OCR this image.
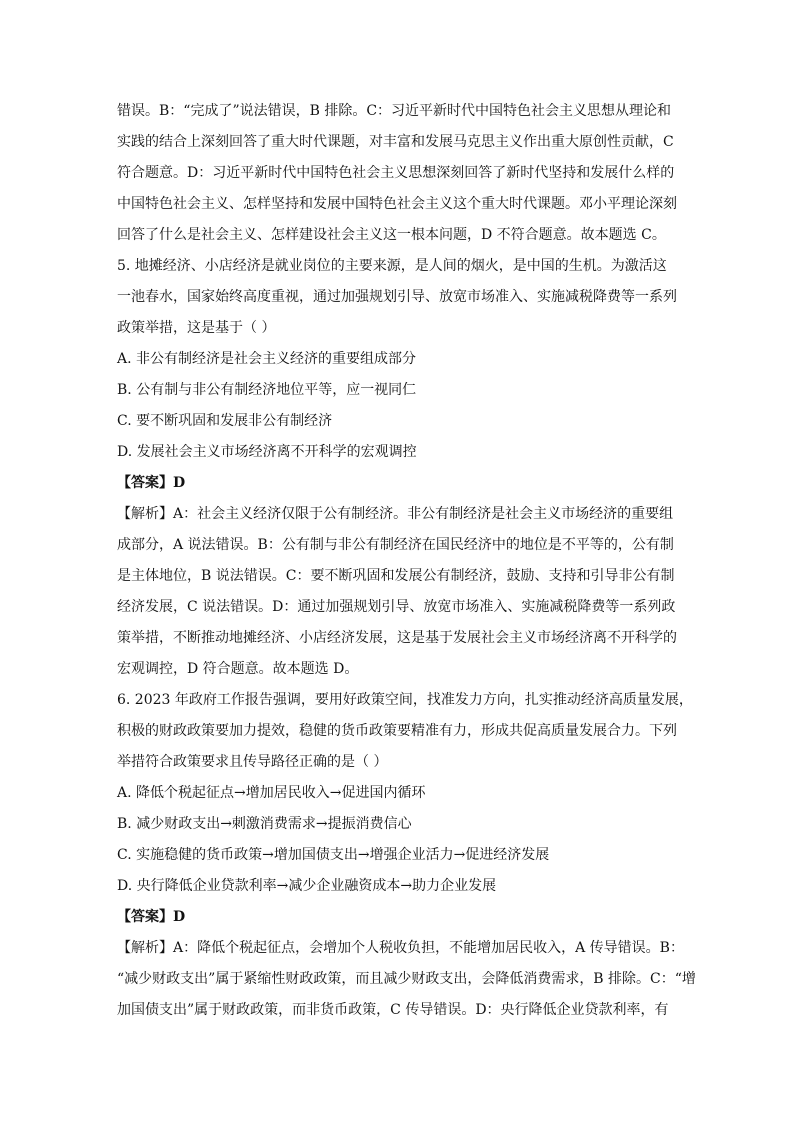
错误。B：“完成了”说法错误，B 排除。C：习近平新时代中国特色社会主义思想从理论和
实践的结合上深刻回答了重大时代课题，对丰富和发展马克思主义作出重大原创性贡献，C
符合题意。D：习近平新时代中国特色社会主义思想深刻回答了新时代坚持和发展什么样的
中国特色社会主义、怎样坚持和发展中国特色社会主义这个重大时代课题。邓小平理论深刻
回答了什么是社会主义、怎样建设社会主义这一根本问题，D 不符合题意。故本题选 C。
5. 地摊经济、小店经济是就业岗位的主要来源，是人间的烟火，是中国的生机。为激活这
一池春水，国家始终高度重视，通过加强规划引导、放宽市场准入、实施减税降费等一系列
政策举措，这是基于（ ）
A. 非公有制经济是社会主义经济的重要组成部分
B. 公有制与非公有制经济地位平等，应一视同仁
C. 要不断巩固和发展非公有制经济
D. 发展社会主义市场经济离不开科学的宏观调控
【答案】D
【解析】A：社会主义经济仅限于公有制经济。非公有制经济是社会主义市场经济的重要组
成部分，A 说法错误。B：公有制与非公有制经济在国民经济中的地位是不平等的，公有制
是主体地位，B 说法错误。C：要不断巩固和发展公有制经济，鼓励、支持和引导非公有制
经济发展，C 说法错误。D：通过加强规划引导、放宽市场准入、实施减税降费等一系列政
策举措，不断推动地摊经济、小店经济发展，这是基于发展社会主义市场经济离不开科学的
宏观调控，D 符合题意。故本题选 D。
6. 2023 年政府工作报告强调，要用好政策空间，找准发力方向，扎实推动经济高质量发展，
积极的财政政策要加力提效，稳健的货币政策要精准有力，形成共促高质量发展合力。下列
举措符合政策要求且传导路径正确的是（ ）
A. 降低个税起征点→增加居民收入→促进国内循环
B. 减少财政支出→刺激消费需求→提振消费信心
C. 实施稳健的货币政策→增加国债支出→增强企业活力→促进经济发展
D. 央行降低企业贷款利率→减少企业融资成本→助力企业发展
【答案】D
【解析】A：降低个税起征点，会增加个人税收负担，不能增加居民收入，A 传导错误。B：
“减少财政支出”属于紧缩性财政政策，而且减少财政支出，会降低消费需求，B 排除。C：“增
加国债支出”属于财政政策，而非货币政策，C 传导错误。D：央行降低企业贷款利率，有
